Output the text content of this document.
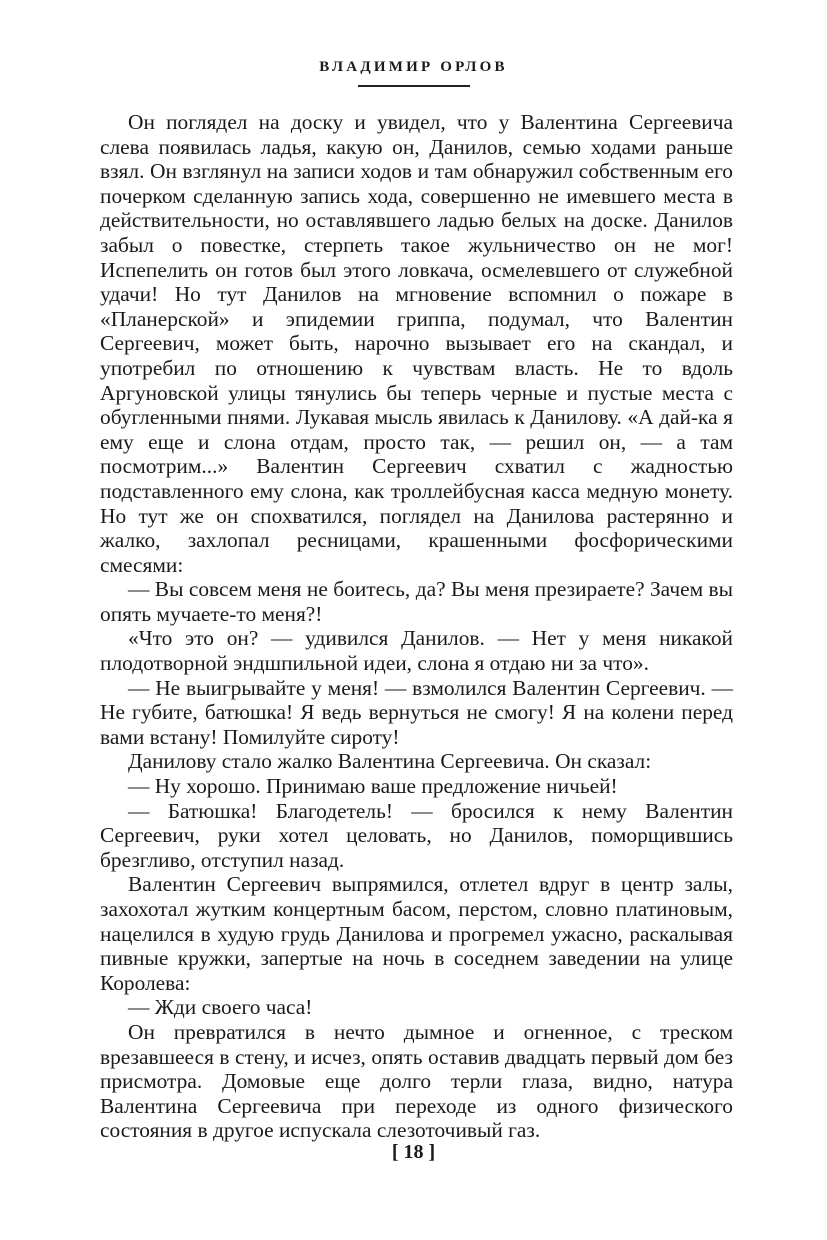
ВЛАДИМИР ОРЛОВ

Он поглядел на доску и увидел, что у Валентина Сергеевича слева появилась ладья, какую он, Данилов, семью ходами раньше взял. Он взглянул на записи ходов и там обнаружил собственным его почерком сделанную запись хода, совершенно не имевшего места в действительности, но оставлявшего ладью белых на доске. Данилов забыл о повестке, стерпеть такое жульничество он не мог! Испепелить он готов был этого ловкача, осмелевшего от служебной удачи! Но тут Данилов на мгновение вспомнил о пожаре в «Планерской» и эпидемии гриппа, подумал, что Валентин Сергеевич, может быть, нарочно вызывает его на скандал, и употребил по отношению к чувствам власть. Не то вдоль Аргуновской улицы тянулись бы теперь черные и пустые места с обугленными пнями. Лукавая мысль явилась к Данилову. «А дай-ка я ему еще и слона отдам, просто так, — решил он, — а там посмотрим...» Валентин Сергеевич схватил с жадностью подставленного ему слона, как троллейбусная касса медную монету. Но тут же он спохватился, поглядел на Данилова растерянно и жалко, захлопал ресницами, крашенными фосфорическими смесями:

— Вы совсем меня не боитесь, да? Вы меня презираете? Зачем вы опять мучаете-то меня?!

«Что это он? — удивился Данилов. — Нет у меня никакой плодотворной эндшпильной идеи, слона я отдаю ни за что».

— Не выигрывайте у меня! — взмолился Валентин Сергеевич. — Не губите, батюшка! Я ведь вернуться не смогу! Я на колени перед вами встану! Помилуйте сироту!

Данилову стало жалко Валентина Сергеевича. Он сказал:

— Ну хорошо. Принимаю ваше предложение ничьей!

— Батюшка! Благодетель! — бросился к нему Валентин Сергеевич, руки хотел целовать, но Данилов, поморщившись брезгливо, отступил назад.

Валентин Сергеевич выпрямился, отлетел вдруг в центр залы, захохотал жутким концертным басом, перстом, словно платиновым, нацелился в худую грудь Данилова и прогремел ужасно, раскалывая пивные кружки, запертые на ночь в соседнем заведении на улице Королева:

— Жди своего часа!

Он превратился в нечто дымное и огненное, с треском врезавшееся в стену, и исчез, опять оставив двадцать первый дом без присмотра. Домовые еще долго терли глаза, видно, натура Валентина Сергеевича при переходе из одного физического состояния в другое испускала слезоточивый газ.

[ 18 ]
